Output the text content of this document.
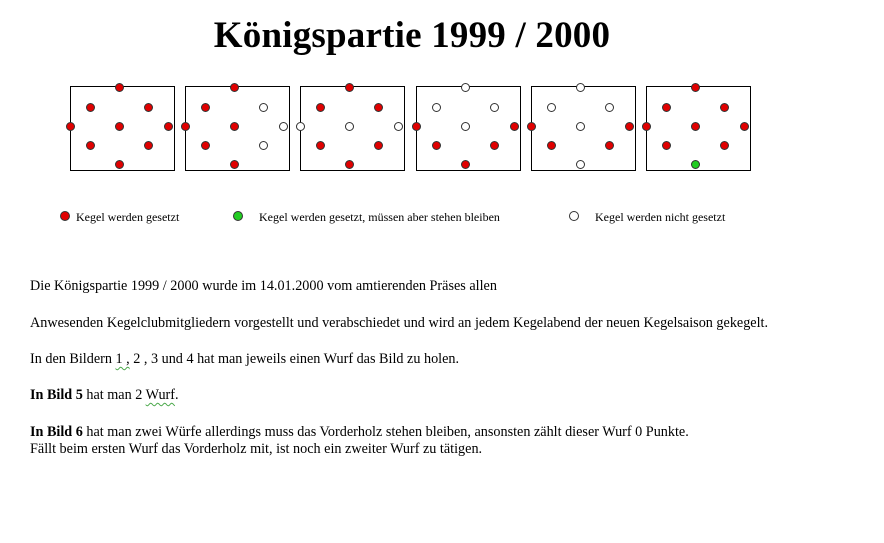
Königspartie 1999 / 2000
Kegel werden gesetzt	Kegel werden gesetzt, müssen aber stehen bleiben	Kegel werden nicht gesetzt
Die Königspartie 1999 / 2000 wurde im 14.01.2000 vom amtierenden Präses allen
Anwesenden Kegelclubmitgliedern vorgestellt und verabschiedet und wird an jedem Kegelabend der neuen Kegelsaison gekegelt.
In den Bildern 1 , 2 , 3 und 4 hat man jeweils einen Wurf das Bild zu holen.
In Bild 5 hat man 2 Wurf.
In Bild 6 hat man zwei Würfe allerdings muss das Vorderholz stehen bleiben, ansonsten zählt dieser Wurf 0 Punkte.
Fällt beim ersten Wurf das Vorderholz mit, ist noch ein zweiter Wurf zu tätigen.
